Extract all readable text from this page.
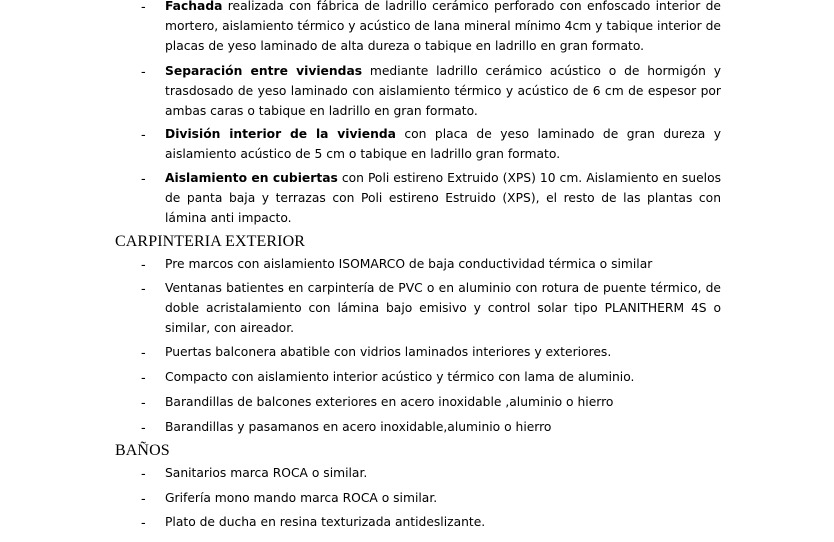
- Fachada realizada con fábrica de ladrillo cerámico perforado con enfoscado interior de mortero, aislamiento térmico y acústico de lana mineral mínimo 4cm y tabique interior de placas de yeso laminado de alta dureza o tabique en ladrillo en gran formato.
- Separación entre viviendas mediante ladrillo cerámico acústico o de hormigón y trasdosado de yeso laminado con aislamiento térmico y acústico de 6 cm de espesor por ambas caras o tabique en ladrillo en gran formato.
- División interior de la vivienda con placa de yeso laminado de gran dureza y aislamiento acústico de 5 cm o tabique en ladrillo gran formato.
- Aislamiento en cubiertas con Poli estireno Extruido (XPS) 10 cm. Aislamiento en suelos de panta baja y terrazas con Poli estireno Estruido (XPS), el resto de las plantas con lámina anti impacto.
CARPINTERIA EXTERIOR
- Pre marcos con aislamiento ISOMARCO de baja conductividad térmica o similar
- Ventanas batientes en carpintería de PVC o en aluminio con rotura de puente térmico, de doble acristalamiento con lámina bajo emisivo y control solar tipo PLANITHERM 4S o similar, con aireador.
- Puertas balconera abatible con vidrios laminados interiores y exteriores.
- Compacto con aislamiento interior acústico y térmico con lama de aluminio.
- Barandillas de balcones exteriores en acero inoxidable ,aluminio o hierro
- Barandillas y pasamanos en acero inoxidable,aluminio o hierro
BAÑOS
- Sanitarios marca ROCA o similar.
- Grifería mono mando marca ROCA o similar.
- Plato de ducha en resina texturizada antideslizante.
